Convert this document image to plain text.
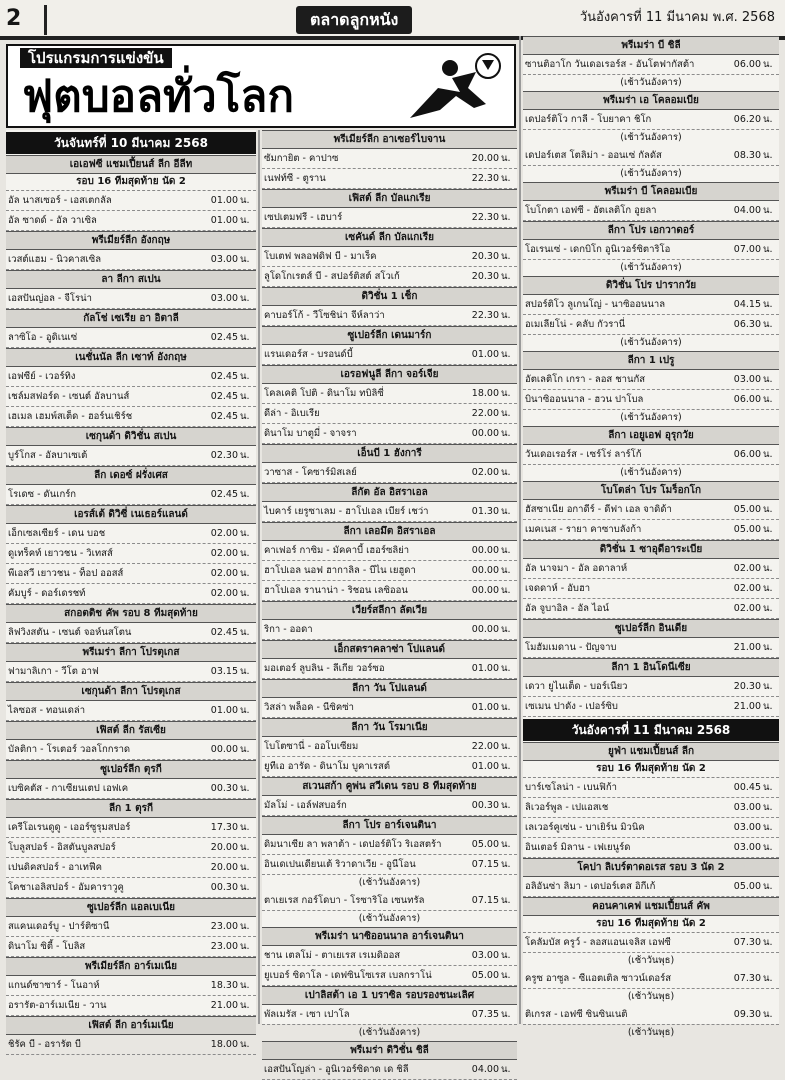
2	ตลาดลูกหนัง	วันอังคารที่ 11 มีนาคม พ.ศ. 2568
โปรแกรมการแข่งขัน
ฟุตบอลทั่วโลก
วันจันทร์ที่ 10 มีนาคม 2568
เอเอฟซี แชมเปี้ยนส์ ลีก อีลีท
รอบ 16 ทีมสุดท้าย นัด 2
อัล นาสเซอร์ - เอสเตกลัล	01.00 น.
อัล ซาดด์ - อัล วาเซิล	01.00 น.
พรีเมียร์ลีก อังกฤษ
เวสต์แฮม - นิวคาสเซิล	03.00 น.
ลา ลีกา สเปน
เอสปันญ่อล - จีโรน่า	03.00 น.
กัลโช่ เซเรีย อา อิตาลี
ลาซิโอ - อูดิเนเซ่	02.45 น.
เนชั่นนัล ลีก เซาท์ อังกฤษ
เอฟซีย์ - เวอร์ทิง	02.45 น.
เชล์มสฟอร์ด - เซนต์ อัลบานส์	02.45 น.
เฮเมล เฮมพ์สเต็ด - ฮอร์นเชิร์ช	02.45 น.
เซกุนด้า ดิวิชั่น สเปน
บูร์โกส - อัลบาเซเต้	02.30 น.
ลีก เดอซ์ ฝรั่งเศส
โรเดซ - ดันเกร์ก	02.45 น.
เอรส์เต้ ดิวิซี่ เนเธอร์แลนด์
เอ็กเซลเซียร์ - เดน บอช	02.00 น.
ดูเทร็คท์ เยาวชน - วิเทสส์	02.00 น.
พีเอสวี เยาวชน - ท็อป ออสส์	02.00 น.
คัมบูร์ - ดอร์เดรชท์	02.00 น.
สกอตติช คัพ รอบ 8 ทีมสุดท้าย
ลิฟวิงสตัน - เซนต์ จอห์นสโตน	02.45 น.
พรีเมร่า ลีกา โปรตุเกส
ฟามาลิเกา - วีโต อาฟ	03.15 น.
เซกุนด้า ลีกา โปรตุเกส
ไลซอส - ทอนเดล่า	01.00 น.
เฟิสต์ ลีก รัสเซีย
บัลติกา - โรเตอร์ วอลโกกราด	00.00 น.
ซูเปอร์ลีก ตุรกี
เบซิคตัส - กาเซียนเตป เอฟเค	00.30 น.
ลีก 1 ตุรกี
เครีโอเรนดูดู - เออร์ซูรุมสปอร์	17.30 น.
โบลูสปอร์ - อิสตันบูลสปอร์	20.00 น.
เปนดิคสปอร์ - อาเทฟีค	20.00 น.
โคชาเอลิสปอร์ - อัมคาราวูคู	00.30 น.
ซูเปอร์ลีก แอลเบเนีย
สแคนเดอร์บู - ปาร์ติซานี	23.00 น.
ดินาโม ซิตี้ - โบลิส	23.00 น.
พรีเมียร์ลีก อาร์เมเนีย
แกนด์ซาซาร์ - โนอาห์	18.30 น.
อรารัต-อาร์เมเนีย - วาน	21.00 น.
เฟิสต์ ลีก อาร์เมเนีย
ชิรัค บี - อรารัต บี	18.00 น.
พรีเมียร์ลีก อาเซอร์ไบจาน
ซัมกายิต - คาปาซ	20.00 น.
เนฟท์ซี - ตูราน	22.30 น.
เฟิสต์ ลีก บัลแกเรีย
เซปเตมฟรี - เฮบาร์	22.30 น.
เซคันด์ ลีก บัลแกเรีย
โบเตฟ พลอฟดิฟ บี - มาเร็ค	20.30 น.
ลูโดโกเรตส์ บี - สปอร์ติสต์ สโวเก้	20.30 น.
ดิวิชั่น 1 เช็ก
คาบอร์โก้ - วีโซชิน่า จีห์ลาว่า	22.30 น.
ซูเปอร์ลีก เดนมาร์ก
แรนเดอร์ส - บรอนด์บี้	01.00 น.
เอรอฟนูลี ลีกา จอร์เจีย
โคลเคติ โปติ - ดินาโม ทบิลิซี่	18.00 น.
ดีล่า - อิเบเรีย	22.00 น.
ดินาโม บาตูมี่ - จาจรา	00.00 น.
เอ็นบี 1 ฮังการี
วาซาส - โคซาร์มิสเลย์	02.00 น.
ลีกัต อัล อิสราเอล
ไบคาร์ เยรูซาเลม - ฮาโปเอล เบียร์ เชว่า	01.30 น.
ลีกา เลอมึต อิสราเอล
คาเฟอร์ กาซิม - มัคคาบี้ เฮอร์ซลิย่า	00.00 น.
ฮาโปเอล นอฟ ฮากาลิล - บีไน เยฮูดา	00.00 น.
ฮาโปเอล รานาน่า - ริชอน เลซิออน	00.00 น.
เวียร์สลีกา ลัตเวีย
ริกา - ออดา	00.00 น.
เอ็กสตราคลาซ่า โปแลนด์
มอเตอร์ ลูบลิน - ลีเกีย วอร์ซอ	01.00 น.
ลีกา วัน โปแลนด์
วิสล่า พล็อค - นีซิคซ่า	01.00 น.
ลีกา วัน โรมาเนีย
โบโตซานี่ - ออโบเซียม	22.00 น.
ยูทีเอ อารัด - ดินาโม บูคาเรสต์	01.00 น.
สเวนสก้า คูพ่น สวีเดน รอบ 8 ทีมสุดท้าย
มัลโม่ - เอล์ฟสบอร์ก	00.30 น.
ลีกา โปร อาร์เจนตินา
ดิมนาเซีย ลา พลาต้า - เดปอร์ติโว ริเอสตร้า	05.00 น.
อินเดเปนเดียนเต้ ริวาดาเวีย - อูนีโอน	07.15 น.
(เช้าวันอังคาร)
ตาเยเรส กอร์โดบา - โรซาริโอ เซนทรัล	07.15 น.
(เช้าวันอังคาร)
พรีเมร่า นาซิออนนาล อาร์เจนตินา
ชาน เตลโม่ - ตาเยเรส เรเมดิออส	03.00 น.
ยูเบอร์ ซิดาโล - เดฟซินโซเรส เบลกราโน่	05.00 น.
เปาลิสต้า เอ 1 บราซิล รอบรองชนะเลิศ
พัลเมรัส - เซา เปาโล	07.35 น.
(เช้าวันอังคาร)
พรีเมร่า ดิวิชั่น ชิลี
เอสปันโญล่า - อูนิเวอร์ซิดาด เด ชิลี	04.00 น.
พรีเมร่า บี ชิลี
ซานติอาโก วันเดอเรอร์ส - อันโตฟากัสต้า	06.00 น.
(เช้าวันอังคาร)
พรีเมร่า เอ โคลอมเบีย
เดปอร์ติโว กาลี - โบยาคา ชิโก	06.20 น.
(เช้าวันอังคาร)
เดปอร์เตส โตลิม่า - ออนเซ่ กัลดัส	08.30 น.
(เช้าวันอังคาร)
พรีเมร่า บี โคลอมเบีย
โบโกตา เอฟซี - อัตเลติโก อูยลา	04.00 น.
ลีกา โปร เอกวาดอร์
โอเรนเซ่ - เดกบิโก อูนิเวอร์ซิตาริโอ	07.00 น.
(เช้าวันอังคาร)
ดิวิชั่น โปร ปารากวัย
สปอร์ติโว ลูเกนโญ่ - นาซิออนนาล	04.15 น.
อเมเลียโน่ - คลับ กัวรานี่	06.30 น.
(เช้าวันอังคาร)
ลีกา 1 เปรู
อัตเลติโก เกรา - ลอส ชานกัส	03.00 น.
บินาซิออนนาล - ฮวน ปาโบล	06.00 น.
(เช้าวันอังคาร)
ลีกา เอยูเอฟ อุรุกวัย
วันเดอเรอร์ส - เซร์โร่ ลาร์โก้	06.00 น.
(เช้าวันอังคาร)
โบโตล่า โปร โมร็อกโก
ฮัสซาเนีย อกาดีร์ - ดีฟา เอล จาดิด้า	05.00 น.
เมคเนส - รายา คาซาบลังก้า	05.00 น.
ดิวิชั่น 1 ซาอุดีอาระเบีย
อัล นาจมา - อัล อดาลาห์	02.00 น.
เจดดาห์ - อับฮา	02.00 น.
อัล จูบาอิล - อัล ไอน์	02.00 น.
ซูเปอร์ลีก อินเดีย
โมฮัมเมดาน - ปัญจาบ	21.00 น.
ลีกา 1 อินโดนีเซีย
เดวา ยูไนเต็ด - บอร์เนียว	20.30 น.
เซเมน ปาดัง - เปอร์ซิบ	21.00 น.
วันอังคารที่ 11 มีนาคม 2568
ยูฟ่า แชมเปี้ยนส์ ลีก
รอบ 16 ทีมสุดท้าย นัด 2
บาร์เซโลน่า - เบนฟิก้า	00.45 น.
ลิเวอร์พูล - เปแอสเช	03.00 น.
เลเวอร์คูเซ่น - บาเยิร์น มิวนิค	03.00 น.
อินเตอร์ มิลาน - เฟเยนูร์ด	03.00 น.
โคปา ลิเบร์ตาดอเรส รอบ 3 นัด 2
อลิอันซ่า ลิมา - เดปอร์เตส อิกีเก้	05.00 น.
คอนคาเคฟ แชมเปี้ยนส์ คัพ
รอบ 16 ทีมสุดท้าย นัด 2
โคลัมบัส ครูว์ - ลอสแอนเจลิส เอฟซี	07.30 น.
(เช้าวันพุธ)
ครูซ อาซูล - ซีแอตเติล ซาวน์เดอร์ส	07.30 น.
(เช้าวันพุธ)
ติเกรส - เอฟซี ซินซินเนติ	09.30 น.
(เช้าวันพุธ)
